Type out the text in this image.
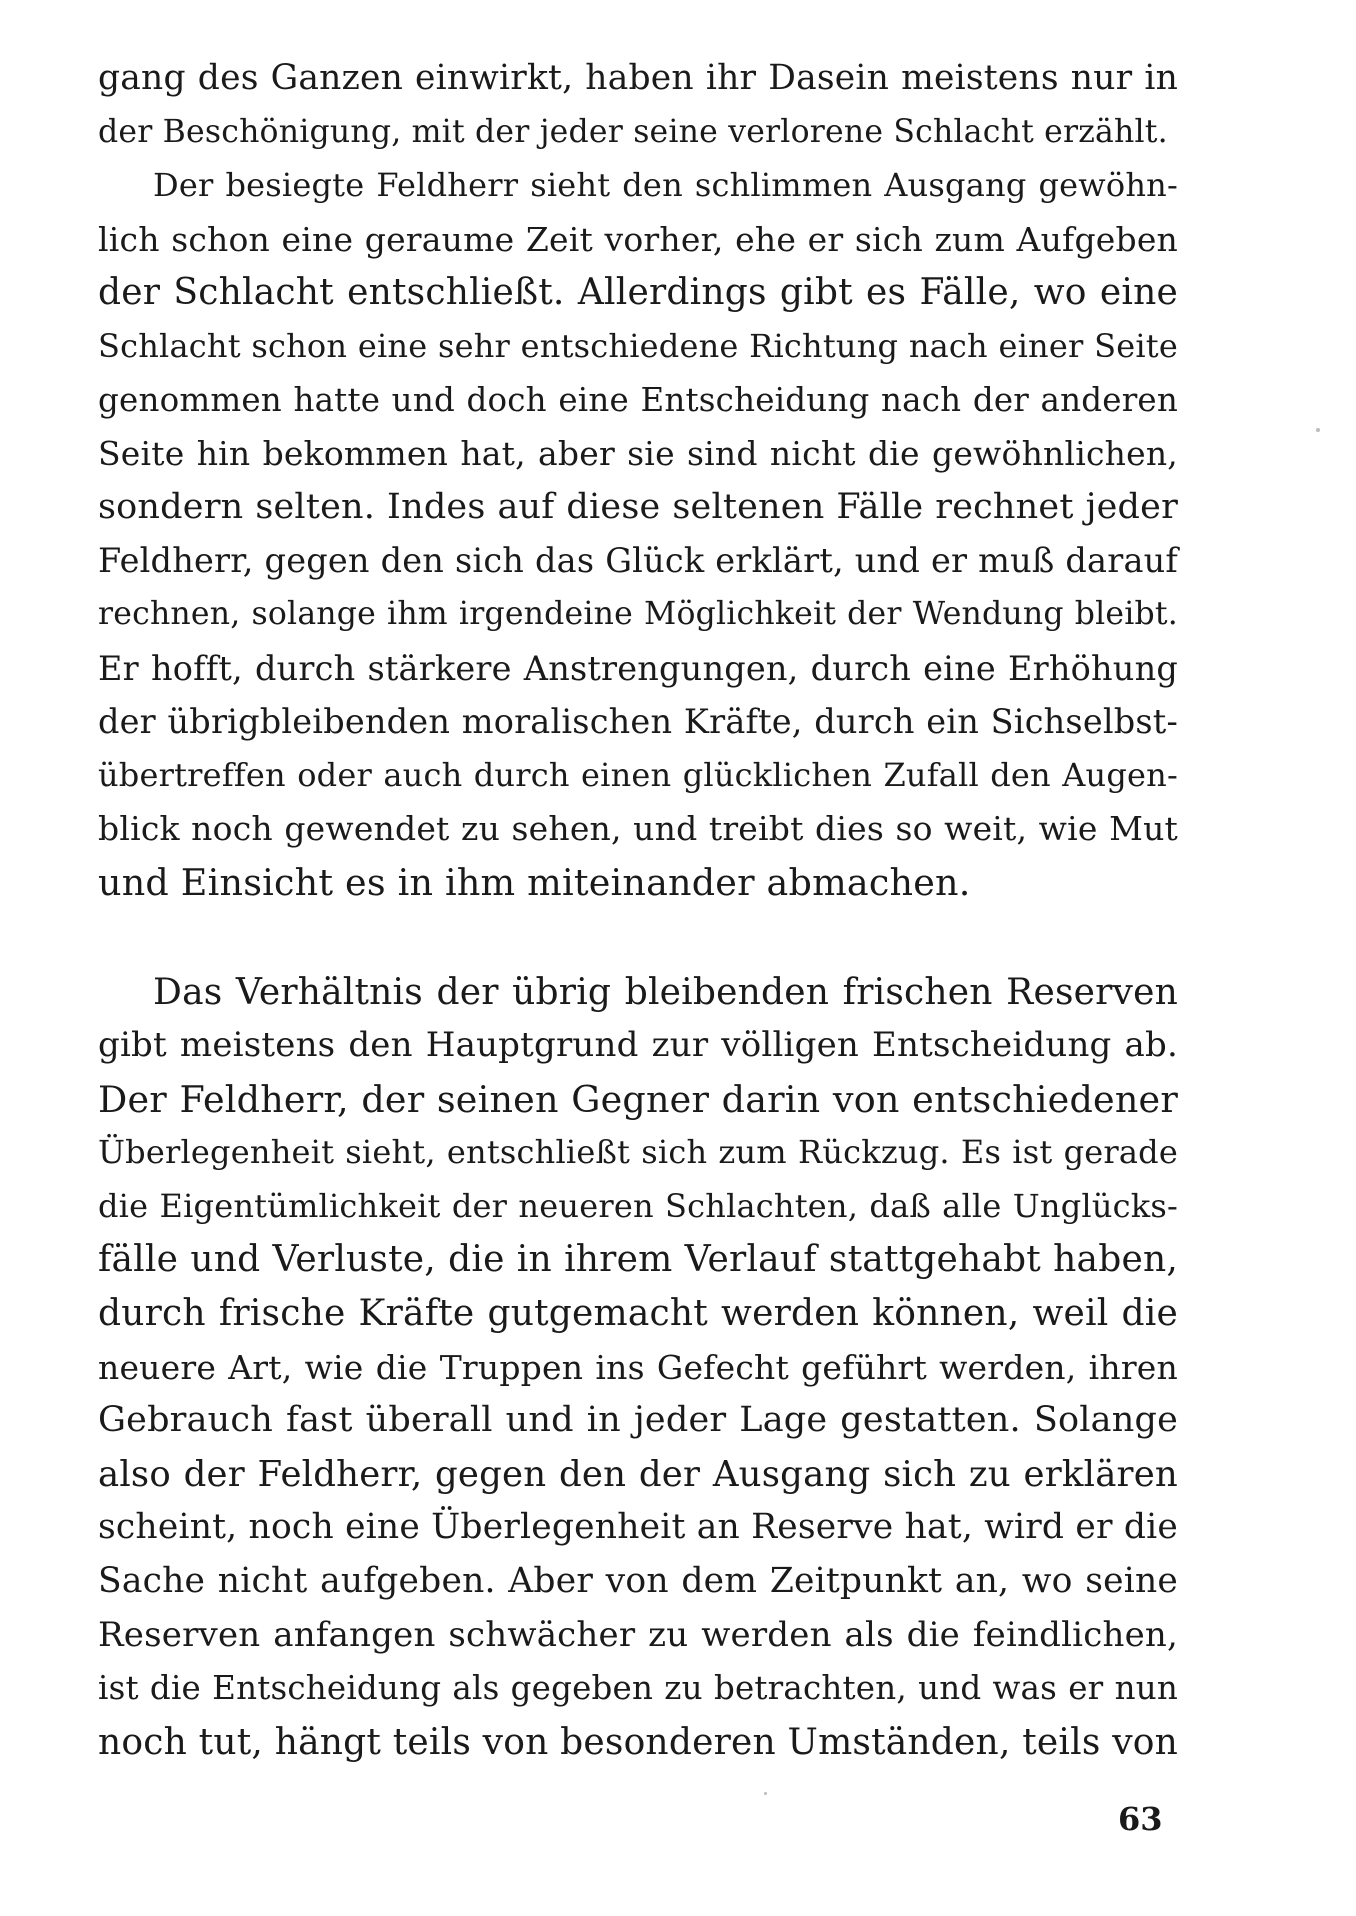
gang des Ganzen einwirkt, haben ihr Dasein meistens nur in
der Beschönigung, mit der jeder seine verlorene Schlacht erzählt.
Der besiegte Feldherr sieht den schlimmen Ausgang gewöhn-
lich schon eine geraume Zeit vorher, ehe er sich zum Aufgeben
der Schlacht entschließt. Allerdings gibt es Fälle, wo eine
Schlacht schon eine sehr entschiedene Richtung nach einer Seite
genommen hatte und doch eine Entscheidung nach der anderen
Seite hin bekommen hat, aber sie sind nicht die gewöhnlichen,
sondern selten. Indes auf diese seltenen Fälle rechnet jeder
Feldherr, gegen den sich das Glück erklärt, und er muß darauf
rechnen, solange ihm irgendeine Möglichkeit der Wendung bleibt.
Er hofft, durch stärkere Anstrengungen, durch eine Erhöhung
der übrigbleibenden moralischen Kräfte, durch ein Sichselbst-
übertreffen oder auch durch einen glücklichen Zufall den Augen-
blick noch gewendet zu sehen, und treibt dies so weit, wie Mut
und Einsicht es in ihm miteinander abmachen.
Das Verhältnis der übrig bleibenden frischen Reserven
gibt meistens den Hauptgrund zur völligen Entscheidung ab.
Der Feldherr, der seinen Gegner darin von entschiedener
Überlegenheit sieht, entschließt sich zum Rückzug. Es ist gerade
die Eigentümlichkeit der neueren Schlachten, daß alle Unglücks-
fälle und Verluste, die in ihrem Verlauf stattgehabt haben,
durch frische Kräfte gutgemacht werden können, weil die
neuere Art, wie die Truppen ins Gefecht geführt werden, ihren
Gebrauch fast überall und in jeder Lage gestatten. Solange
also der Feldherr, gegen den der Ausgang sich zu erklären
scheint, noch eine Überlegenheit an Reserve hat, wird er die
Sache nicht aufgeben. Aber von dem Zeitpunkt an, wo seine
Reserven anfangen schwächer zu werden als die feindlichen,
ist die Entscheidung als gegeben zu betrachten, und was er nun
noch tut, hängt teils von besonderen Umständen, teils von
63
